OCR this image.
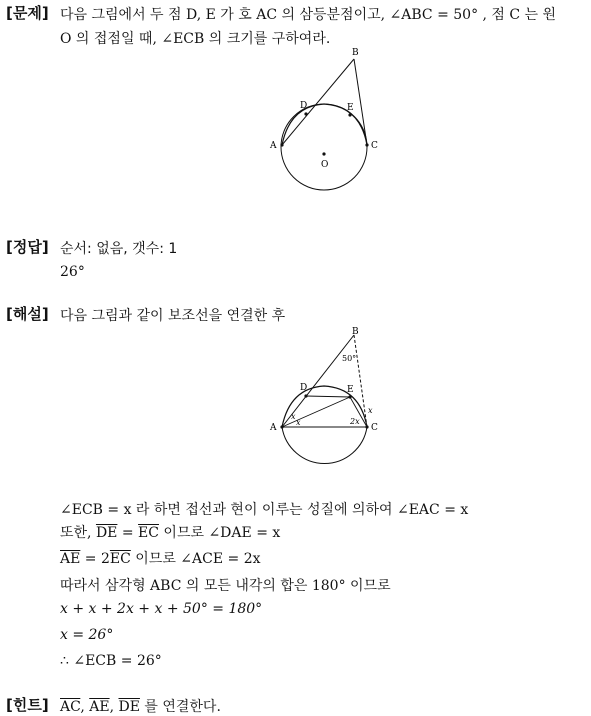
[문제] 다음 그림에서 두 점 D, E 가 호 AC 의 삼등분점이고, ∠ABC = 50° , 점 C 는 원
O 의 접점일 때, ∠ECB 의 크기를 구하여라.
B
A	C
D	E
O
[정답] 순서: 없음, 갯수: 1
26°
[해설] 다음 그림과 같이 보조선을 연결한 후
B
A	C
D	E
50°
x
2x
x
x
∠ECB = x 라 하면 접선과 현이 이루는 성질에 의하여 ∠EAC = x
또한, $\overline{DE} = \overline{EC}$ 이므로 ∠DAE = x
$\overline{AE} = 2\overline{EC}$ 이므로 ∠ACE = 2x
따라서 삼각형 ABC 의 모든 내각의 합은 180° 이므로
x + x + 2x + x + 50° = 180°
x = 26°
∴ ∠ECB = 26°
[힌트] $\overline{AC}$, $\overline{AE}$, $\overline{DE}$ 를 연결한다.
